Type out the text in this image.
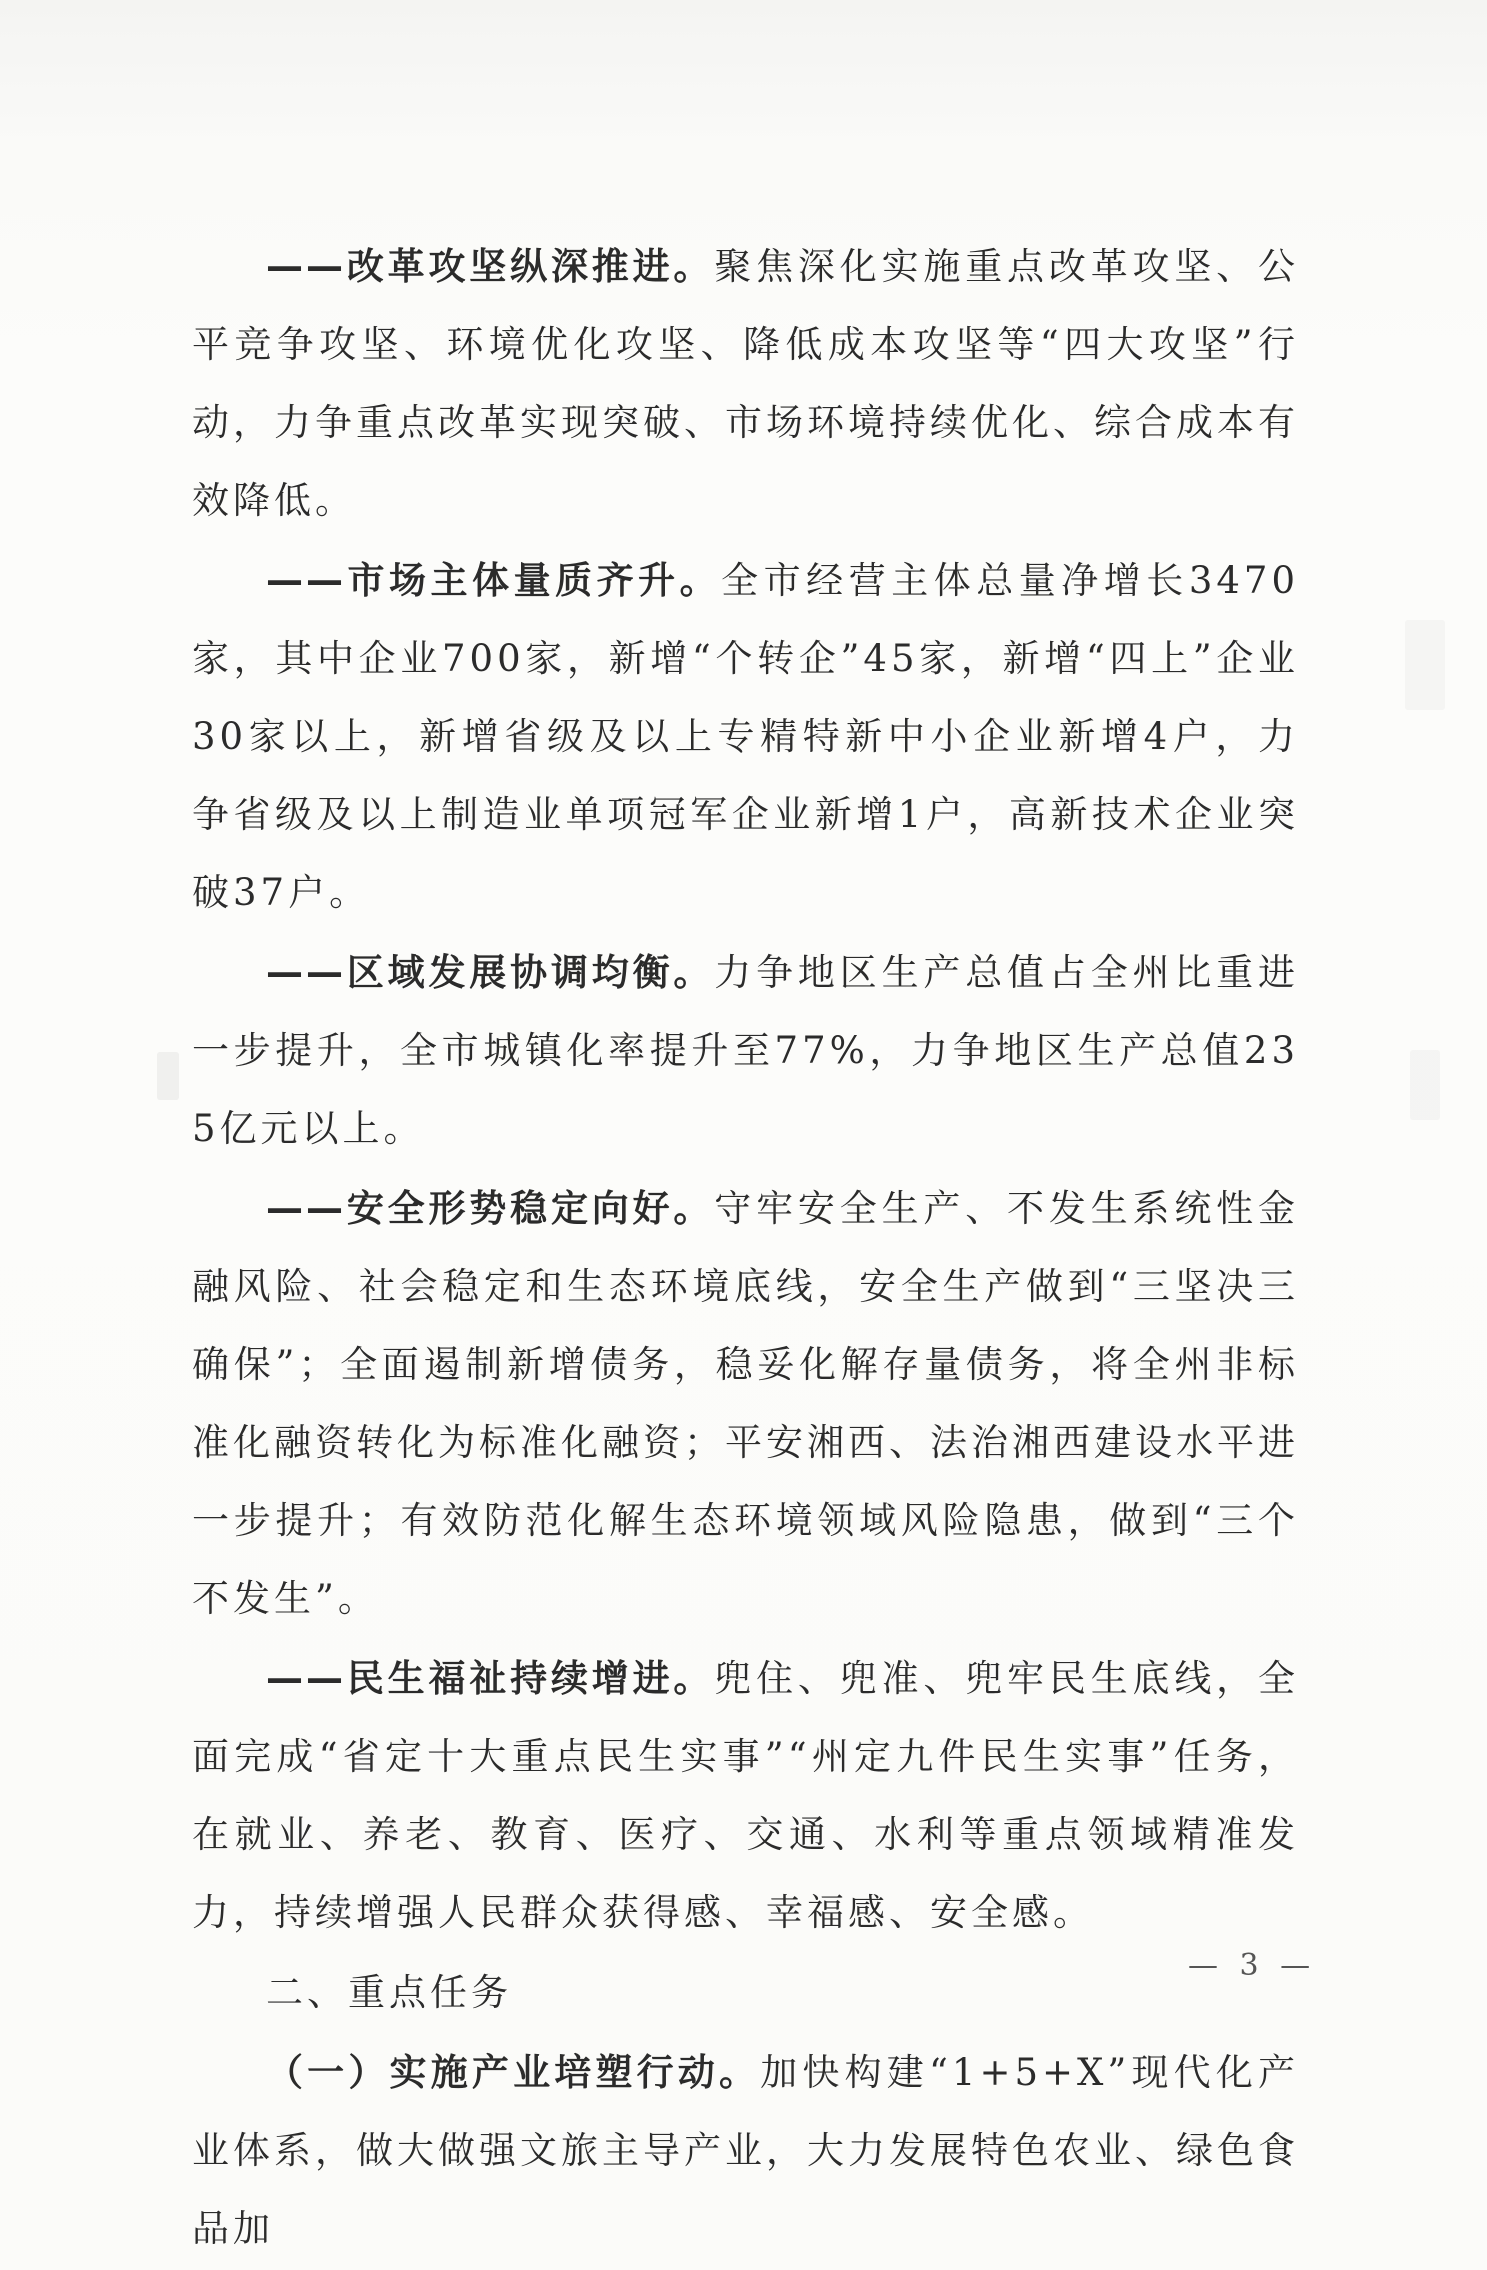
——改革攻坚纵深推进。聚焦深化实施重点改革攻坚、公平竞争攻坚、环境优化攻坚、降低成本攻坚等“四大攻坚”行动，力争重点改革实现突破、市场环境持续优化、综合成本有效降低。

——市场主体量质齐升。全市经营主体总量净增长3470家，其中企业700家，新增“个转企”45家，新增“四上”企业30家以上，新增省级及以上专精特新中小企业新增4户，力争省级及以上制造业单项冠军企业新增1户，高新技术企业突破37户。

——区域发展协调均衡。力争地区生产总值占全州比重进一步提升，全市城镇化率提升至77%，力争地区生产总值235亿元以上。

——安全形势稳定向好。守牢安全生产、不发生系统性金融风险、社会稳定和生态环境底线，安全生产做到“三坚决三确保”；全面遏制新增债务，稳妥化解存量债务，将全州非标准化融资转化为标准化融资；平安湘西、法治湘西建设水平进一步提升；有效防范化解生态环境领域风险隐患，做到“三个不发生”。

——民生福祉持续增进。兜住、兜准、兜牢民生底线，全面完成“省定十大重点民生实事”“州定九件民生实事”任务，在就业、养老、教育、医疗、交通、水利等重点领域精准发力，持续增强人民群众获得感、幸福感、安全感。

二、重点任务

（一）实施产业培塑行动。加快构建“1+5+X”现代化产业体系，做大做强文旅主导产业，大力发展特色农业、绿色食品加

— 3 —
